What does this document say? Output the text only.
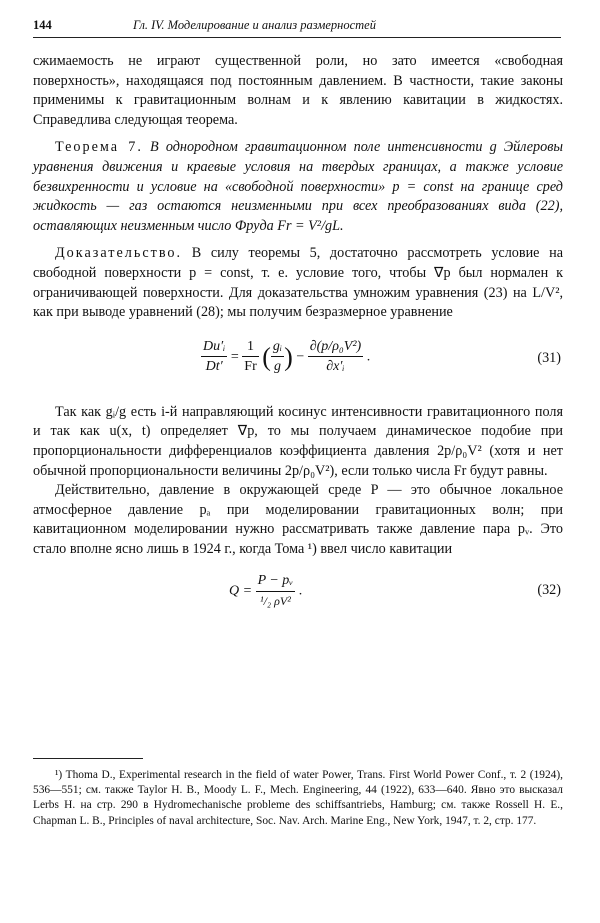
144	Гл. IV. Моделирование и анализ размерностей

сжимаемость не играют существенной роли, но зато имеется «свободная поверхность», находящаяся под постоянным давлением. В частности, такие законы применимы к гравитационным волнам и к явлению кавитации в жидкостях. Справедлива следующая теорема.

Теорема 7. В однородном гравитационном поле интенсивности g Эйлеровы уравнения движения и краевые условия на твердых границах, а также условие безвихренности и условие на «свободной поверхности» p = const на границе сред жидкость — газ остаются неизменными при всех преобразованиях вида (22), оставляющих неизменным число Фруда Fr = V²/gL.

Доказательство. В силу теоремы 5, достаточно рассмотреть условие на свободной поверхности p = const, т. е. условие того, чтобы ∇p был нормален к ограничивающей поверхности. Для доказательства умножим уравнения (23) на L/V², как при выводе уравнений (28); мы получим безразмерное уравнение

$\frac{\text{Du′ᵢ}}{Dt'} = \frac{1}{Fr}$ ( $\frac{\text{gᵢ}}{g}$ ) − $\frac{\text{∂(p/ρ₀V²)}}{\text{∂x′ᵢ}}$ .	(31)

Так как gᵢ/g есть i-й направляющий косинус интенсивности гравитационного поля и так как u(x, t) определяет ∇p, то мы получаем динамическое подобие при пропорциональности дифференциалов коэффициента давления 2p/ρ₀V² (хотя и нет обычной пропорциональности величины 2p/ρ₀V²), если только числа Fr будут равны.

Действительно, давление в окружающей среде P — это обычное локальное атмосферное давление pₐ при моделировании гравитационных волн; при кавитационном моделировании нужно рассматривать также давление пара pᵥ. Это стало вполне ясно лишь в 1924 г., когда Тома ¹) ввел число кавитации

$Q = \frac{\text{P − pᵥ}}{\text{¹/₂ ρV²}}$ .	(32)
¹) Thoma D., Experimental research in the field of water Power, Trans. First World Power Conf., т. 2 (1924), 536—551; см. также Taylor H. B., Moody L. F., Mech. Engineering, 44 (1922), 633—640. Явно это высказал Lerbs H. на стр. 290 в Hydromechanische probleme des schiffsantriebs, Hamburg; см. также Rossell H. E., Chapman L. B., Principles of naval architecture, Soc. Nav. Arch. Marine Eng., New York, 1947, т. 2, стр. 177.
